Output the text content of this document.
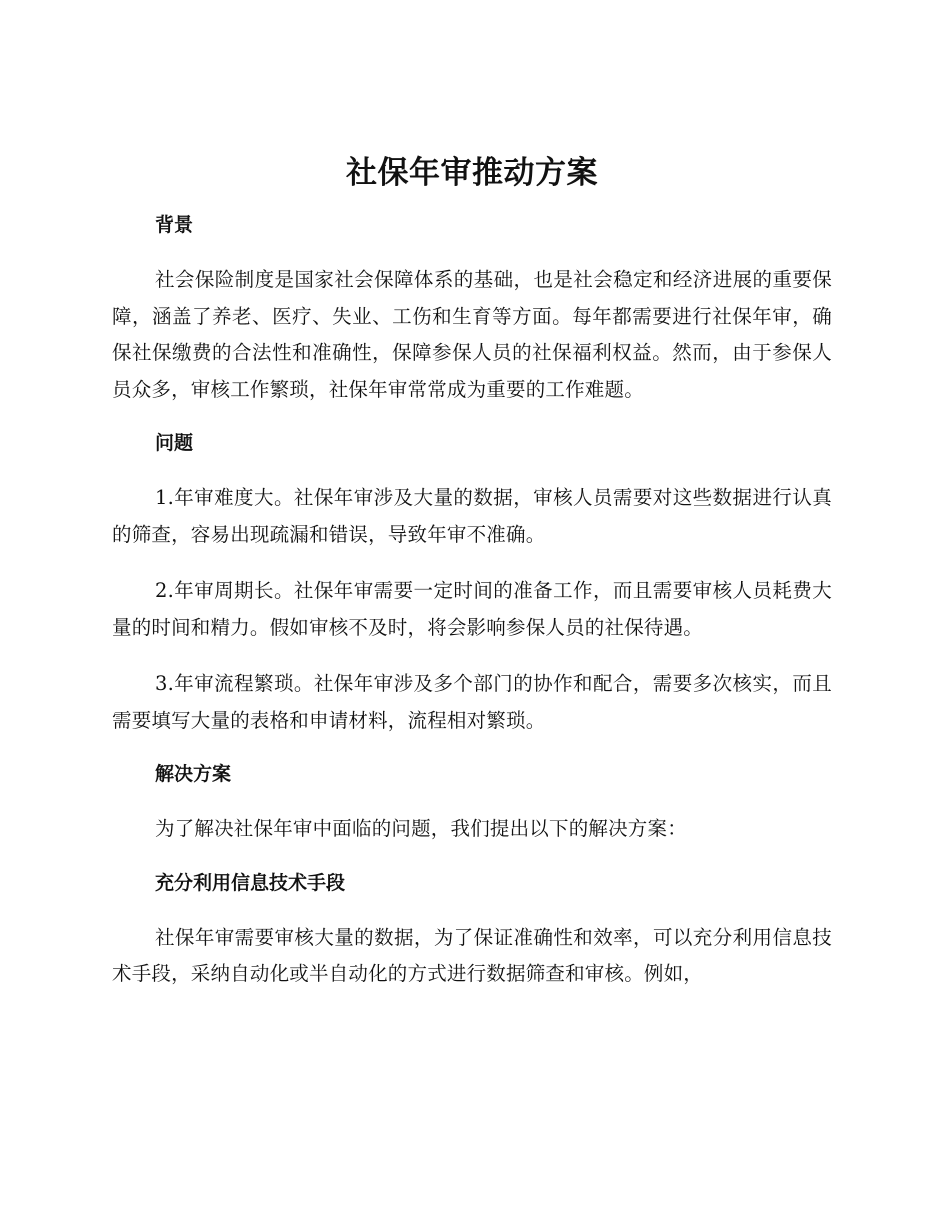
社保年审推动方案
背景

社会保险制度是国家社会保障体系的基础，也是社会稳定和经济进展的重要保障，涵盖了养老、医疗、失业、工伤和生育等方面。每年都需要进行社保年审，确保社保缴费的合法性和准确性，保障参保人员的社保福利权益。然而，由于参保人员众多，审核工作繁琐，社保年审常常成为重要的工作难题。

问题

1.年审难度大。社保年审涉及大量的数据，审核人员需要对这些数据进行认真的筛查，容易出现疏漏和错误，导致年审不准确。

2.年审周期长。社保年审需要一定时间的准备工作，而且需要审核人员耗费大量的时间和精力。假如审核不及时，将会影响参保人员的社保待遇。

3.年审流程繁琐。社保年审涉及多个部门的协作和配合，需要多次核实，而且需要填写大量的表格和申请材料，流程相对繁琐。

解决方案

为了解决社保年审中面临的问题，我们提出以下的解决方案：

充分利用信息技术手段

社保年审需要审核大量的数据，为了保证准确性和效率，可以充分利用信息技术手段，采纳自动化或半自动化的方式进行数据筛查和审核。例如，
